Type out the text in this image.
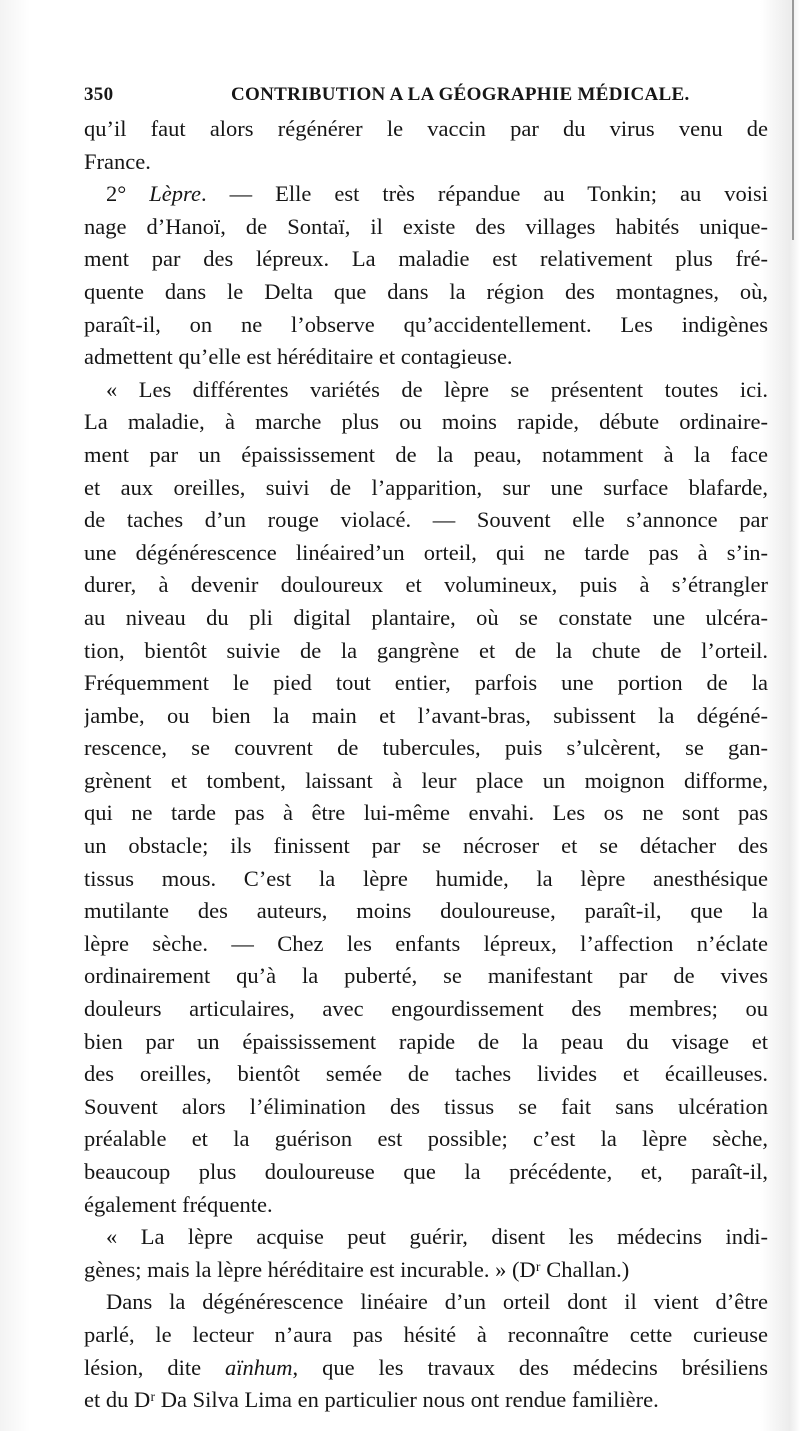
350	CONTRIBUTION A LA GÉOGRAPHIE MÉDICALE.
qu’il faut alors régénérer le vaccin par du virus venu de
France.
2° Lèpre. — Elle est très répandue au Tonkin; au voisi
nage d’Hanoï, de Sontaï, il existe des villages habités unique-
ment par des lépreux. La maladie est relativement plus fré-
quente dans le Delta que dans la région des montagnes, où,
paraît-il, on ne l’observe qu’accidentellement. Les indigènes
admettent qu’elle est héréditaire et contagieuse.
« Les différentes variétés de lèpre se présentent toutes ici.
La maladie, à marche plus ou moins rapide, débute ordinaire-
ment par un épaississement de la peau, notamment à la face
et aux oreilles, suivi de l’apparition, sur une surface blafarde,
de taches d’un rouge violacé. — Souvent elle s’annonce par
une dégénérescence linéaired’un orteil, qui ne tarde pas à s’in-
durer, à devenir douloureux et volumineux, puis à s’étrangler
au niveau du pli digital plantaire, où se constate une ulcéra-
tion, bientôt suivie de la gangrène et de la chute de l’orteil.
Fréquemment le pied tout entier, parfois une portion de la
jambe, ou bien la main et l’avant-bras, subissent la dégéné-
rescence, se couvrent de tubercules, puis s’ulcèrent, se gan-
grènent et tombent, laissant à leur place un moignon difforme,
qui ne tarde pas à être lui-même envahi. Les os ne sont pas
un obstacle; ils finissent par se nécroser et se détacher des
tissus mous. C’est la lèpre humide, la lèpre anesthésique
mutilante des auteurs, moins douloureuse, paraît-il, que la
lèpre sèche. — Chez les enfants lépreux, l’affection n’éclate
ordinairement qu’à la puberté, se manifestant par de vives
douleurs articulaires, avec engourdissement des membres; ou
bien par un épaississement rapide de la peau du visage et
des oreilles, bientôt semée de taches livides et écailleuses.
Souvent alors l’élimination des tissus se fait sans ulcération
préalable et la guérison est possible; c’est la lèpre sèche,
beaucoup plus douloureuse que la précédente, et, paraît-il,
également fréquente.
« La lèpre acquise peut guérir, disent les médecins indi-
gènes; mais la lèpre héréditaire est incurable. » (Dʳ Challan.)
Dans la dégénérescence linéaire d’un orteil dont il vient d’être
parlé, le lecteur n’aura pas hésité à reconnaître cette curieuse
lésion, dite aïnhum, que les travaux des médecins brésiliens
et du Dʳ Da Silva Lima en particulier nous ont rendue familière.
